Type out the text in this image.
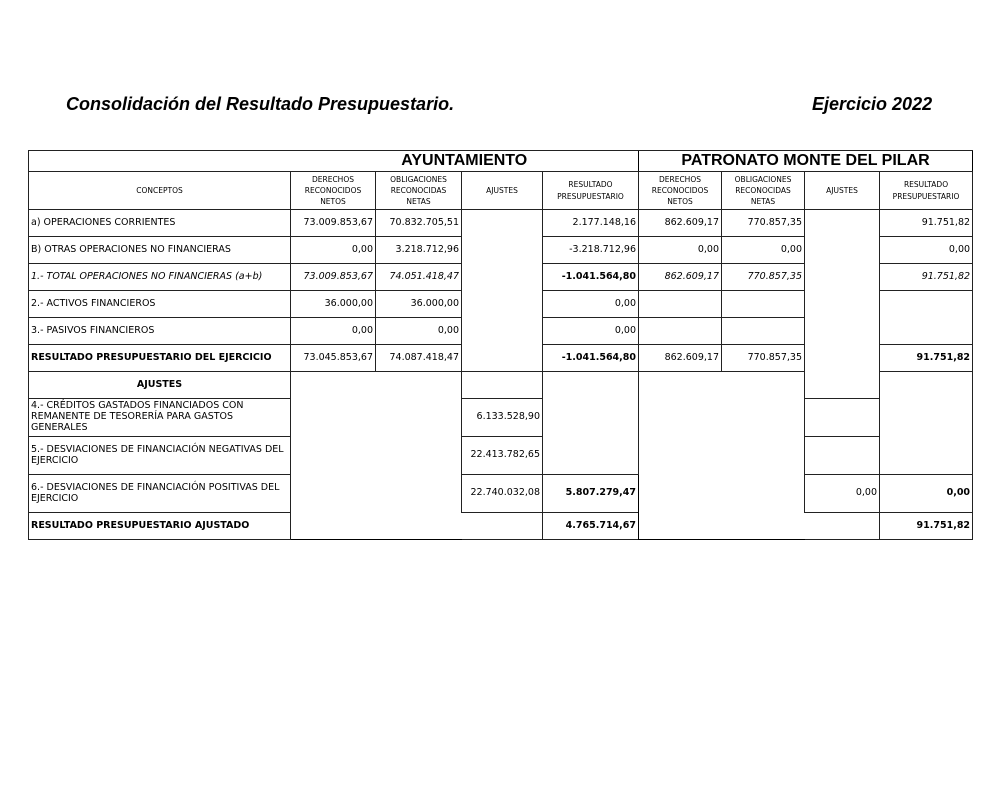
Consolidación del Resultado Presupuestario.	Ejercicio 2022
	AYUNTAMIENTO				PATRONATO MONTE DEL PILAR			
CONCEPTOS	DERECHOS RECONOCIDOS NETOS	OBLIGACIONES RECONOCIDAS NETAS	AJUSTES	RESULTADO PRESUPUESTARIO	DERECHOS RECONOCIDOS NETOS	OBLIGACIONES RECONOCIDAS NETAS	AJUSTES	RESULTADO PRESUPUESTARIO
a) OPERACIONES CORRIENTES	73.009.853,67	70.832.705,51		2.177.148,16	862.609,17	770.857,35		91.751,82
B) OTRAS OPERACIONES NO FINANCIERAS	0,00	3.218.712,96		-3.218.712,96	0,00	0,00		0,00
1.- TOTAL OPERACIONES NO FINANCIERAS (a+b)	73.009.853,67	74.051.418,47		-1.041.564,80	862.609,17	770.857,35		91.751,82
2.- ACTIVOS FINANCIEROS	36.000,00	36.000,00		0,00				
3.- PASIVOS FINANCIEROS	0,00	0,00		0,00				
RESULTADO PRESUPUESTARIO DEL EJERCICIO	73.045.853,67	74.087.418,47		-1.041.564,80	862.609,17	770.857,35		91.751,82
AJUSTES								
4.- CRÉDITOS GASTADOS FINANCIADOS CON REMANENTE DE TESORERÍA PARA GASTOS GENERALES			6.133.528,90					
5.- DESVIACIONES DE FINANCIACIÓN NEGATIVAS DEL EJERCICIO			22.413.782,65					
6.- DESVIACIONES DE FINANCIACIÓN POSITIVAS DEL EJERCICIO			22.740.032,08	5.807.279,47			0,00	0,00
RESULTADO PRESUPUESTARIO AJUSTADO				4.765.714,67				91.751,82
